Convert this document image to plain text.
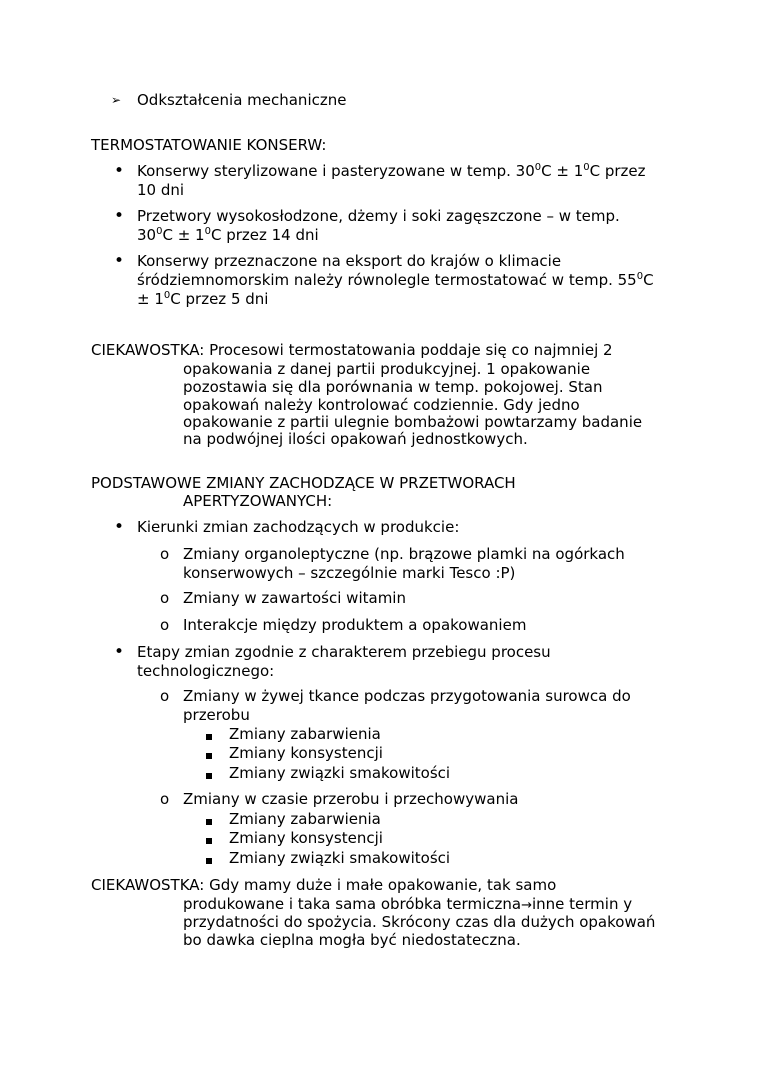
➢ Odkształcenia mechaniczne
TERMOSTATOWANIE KONSERW:
• Konserwy sterylizowane i pasteryzowane w temp. $30^0C \pm 1^0C$ przez
10 dni
• Przetwory wysokosłodzone, dżemy i soki zagęszczone – w temp.
$30^0C \pm 1^0C$ przez 14 dni
• Konserwy przeznaczone na eksport do krajów o klimacie
śródziemnomorskim należy równolegle termostatować w temp. $55^0C$
± $1^0C$ przez 5 dni
CIEKAWOSTKA: Procesowi termostatowania poddaje się co najmniej 2
opakowania z danej partii produkcyjnej. 1 opakowanie
pozostawia się dla porównania w temp. pokojowej. Stan
opakowań należy kontrolować codziennie. Gdy jedno
opakowanie z partii ulegnie bombażowi powtarzamy badanie
na podwójnej ilości opakowań jednostkowych.
PODSTAWOWE ZMIANY ZACHODZĄCE W PRZETWORACH
APERTYZOWANYCH:
• Kierunki zmian zachodzących w produkcie:
o Zmiany organoleptyczne (np. brązowe plamki na ogórkach
konserwowych – szczególnie marki Tesco :P)
o Zmiany w zawartości witamin
o Interakcje między produktem a opakowaniem
• Etapy zmian zgodnie z charakterem przebiegu procesu
technologicznego:
o Zmiany w żywej tkance podczas przygotowania surowca do
przerobu
Zmiany zabarwienia
Zmiany konsystencji
Zmiany związki smakowitości
o Zmiany w czasie przerobu i przechowywania
Zmiany zabarwienia
Zmiany konsystencji
Zmiany związki smakowitości
CIEKAWOSTKA: Gdy mamy duże i małe opakowanie, tak samo
produkowane i taka sama obróbka termiczna→inne termin y
przydatności do spożycia. Skrócony czas dla dużych opakowań
bo dawka cieplna mogła być niedostateczna.
